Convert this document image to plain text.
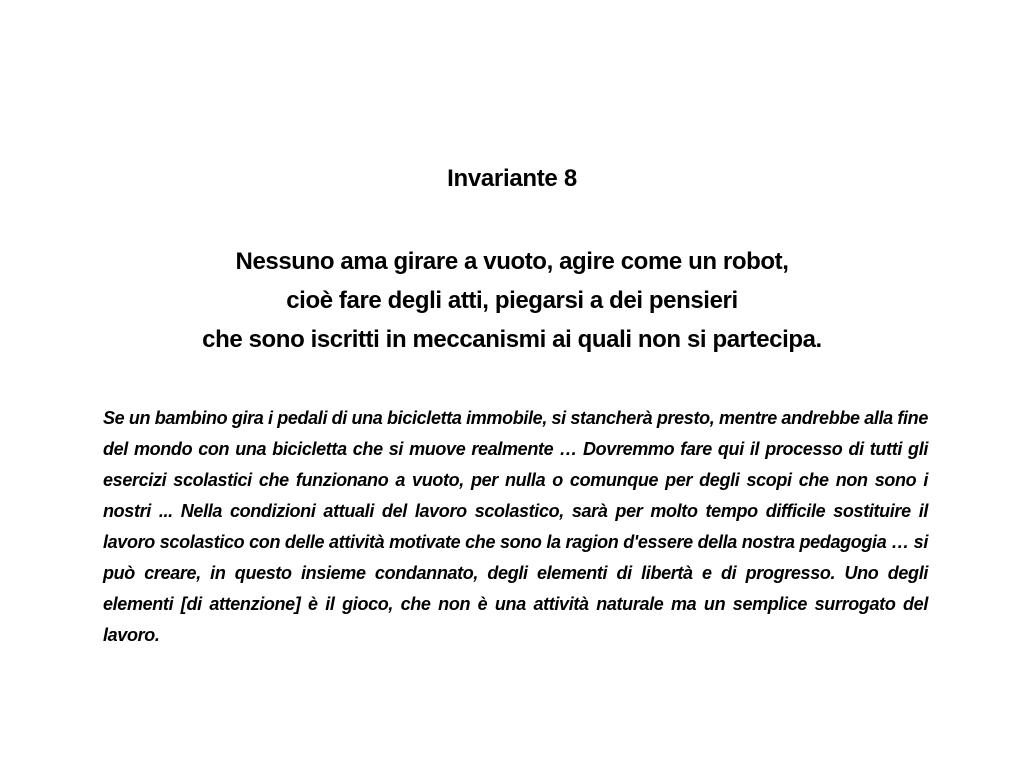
Invariante 8
Nessuno ama girare a vuoto, agire come un robot,
cioè fare degli atti, piegarsi a dei pensieri
che sono iscritti in meccanismi ai quali non si partecipa.

Se un bambino gira i pedali di una bicicletta immobile, si stancherà presto, mentre andrebbe alla fine del mondo con una bicicletta che si muove realmente … Dovremmo fare qui il processo di tutti gli esercizi scolastici che funzionano a vuoto, per nulla o comunque per degli scopi che non sono i nostri ... Nella condizioni attuali del lavoro scolastico, sarà per molto tempo difficile sostituire il lavoro scolastico con delle attività motivate che sono la ragion d'essere della nostra pedagogia … si può creare, in questo insieme condannato, degli elementi di libertà e di progresso. Uno degli elementi [di attenzione] è il gioco, che non è una attività naturale ma un semplice surrogato del lavoro.
